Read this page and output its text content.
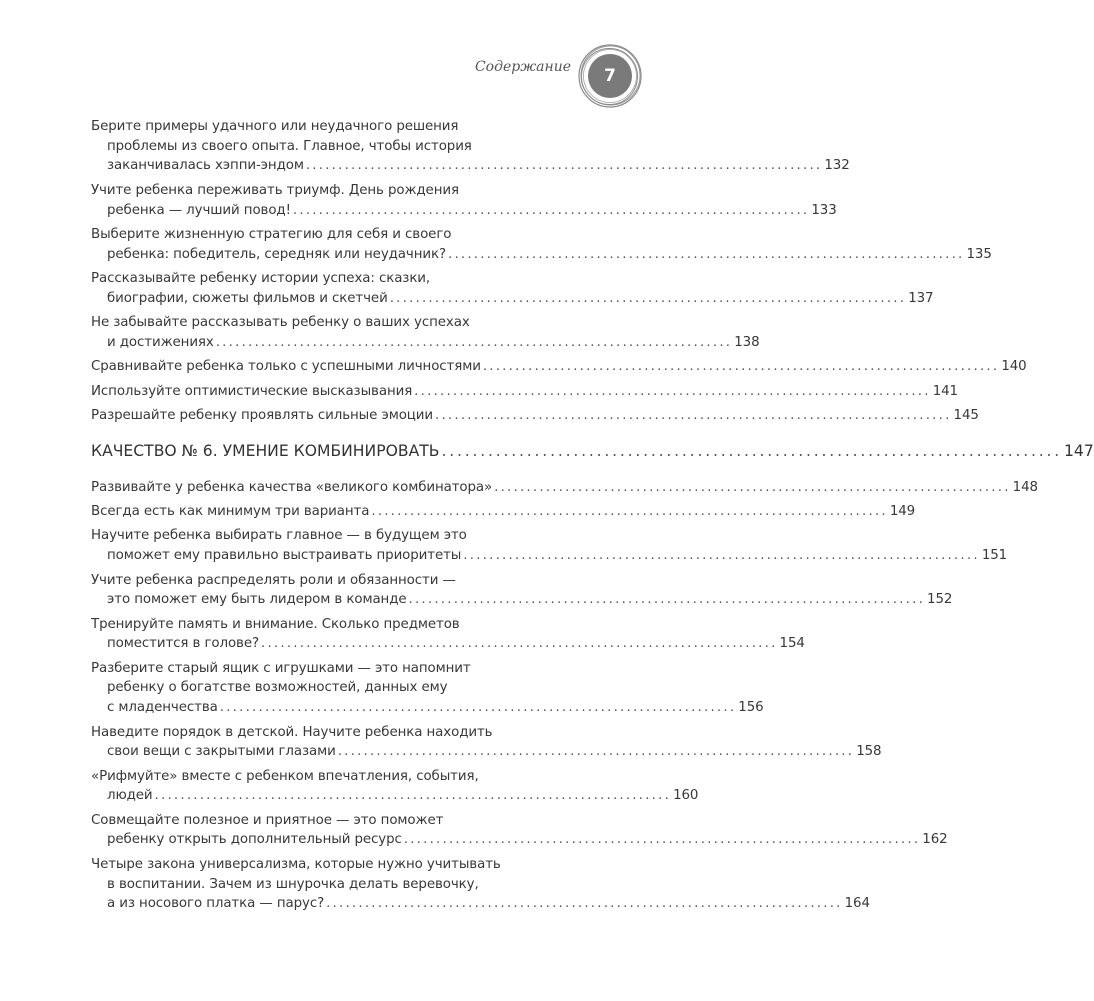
Содержание	7
Берите примеры удачного или неудачного решения
проблемы из своего опыта. Главное, чтобы история
заканчивалась хэппи-эндом ................................................................................ 132
Учите ребенка переживать триумф. День рождения
ребенка — лучший повод! ................................................................................ 133
Выберите жизненную стратегию для себя и своего
ребенка: победитель, середняк или неудачник? ................................................................................ 135
Рассказывайте ребенку истории успеха: сказки,
биографии, сюжеты фильмов и скетчей ................................................................................ 137
Не забывайте рассказывать ребенку о ваших успехах
и достижениях ................................................................................ 138
Сравнивайте ребенка только с успешными личностями ................................................................................ 140
Используйте оптимистические высказывания ................................................................................ 141
Разрешайте ребенку проявлять сильные эмоции ................................................................................ 145
КАЧЕСТВО № 6. УМЕНИЕ КОМБИНИРОВАТЬ ................................................................................ 147
Развивайте у ребенка качества «великого комбинатора» ................................................................................ 148
Всегда есть как минимум три варианта ................................................................................ 149
Научите ребенка выбирать главное — в будущем это
поможет ему правильно выстраивать приоритеты ................................................................................ 151
Учите ребенка распределять роли и обязанности —
это поможет ему быть лидером в команде ................................................................................ 152
Тренируйте память и внимание. Сколько предметов
поместится в голове? ................................................................................ 154
Разберите старый ящик с игрушками — это напомнит
ребенку о богатстве возможностей, данных ему
с младенчества ................................................................................ 156
Наведите порядок в детской. Научите ребенка находить
свои вещи с закрытыми глазами ................................................................................ 158
«Рифмуйте» вместе с ребенком впечатления, события,
людей ................................................................................ 160
Совмещайте полезное и приятное — это поможет
ребенку открыть дополнительный ресурс ................................................................................ 162
Четыре закона универсализма, которые нужно учитывать
в воспитании. Зачем из шнурочка делать веревочку,
а из носового платка — парус? ................................................................................ 164
